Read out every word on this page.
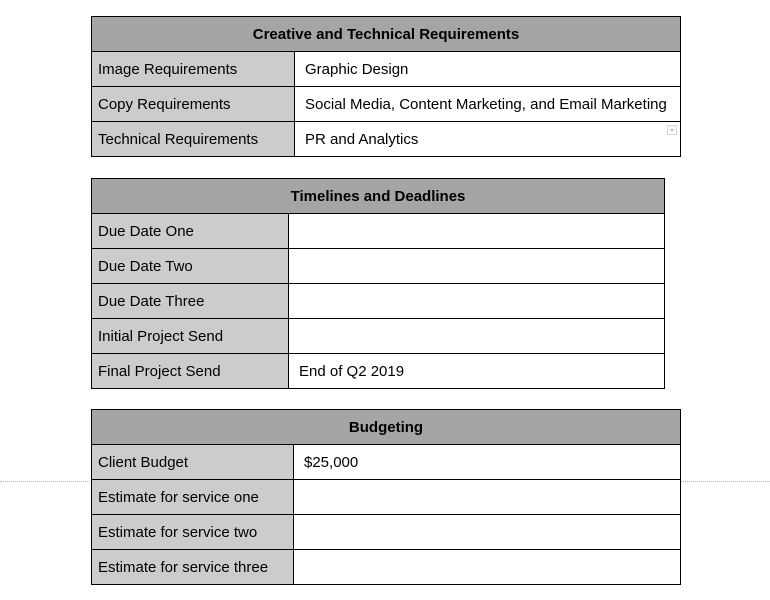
Creative and Technical Requirements	
Image Requirements	Graphic Design
Copy Requirements	Social Media, Content Marketing, and Email Marketing
Technical Requirements	PR and Analytics
Timelines and Deadlines	
Due Date One	
Due Date Two	
Due Date Three	
Initial Project Send	
Final Project Send	End of Q2 2019
Budgeting	
Client Budget	$25,000
Estimate for service one	
Estimate for service two	
Estimate for service three	
